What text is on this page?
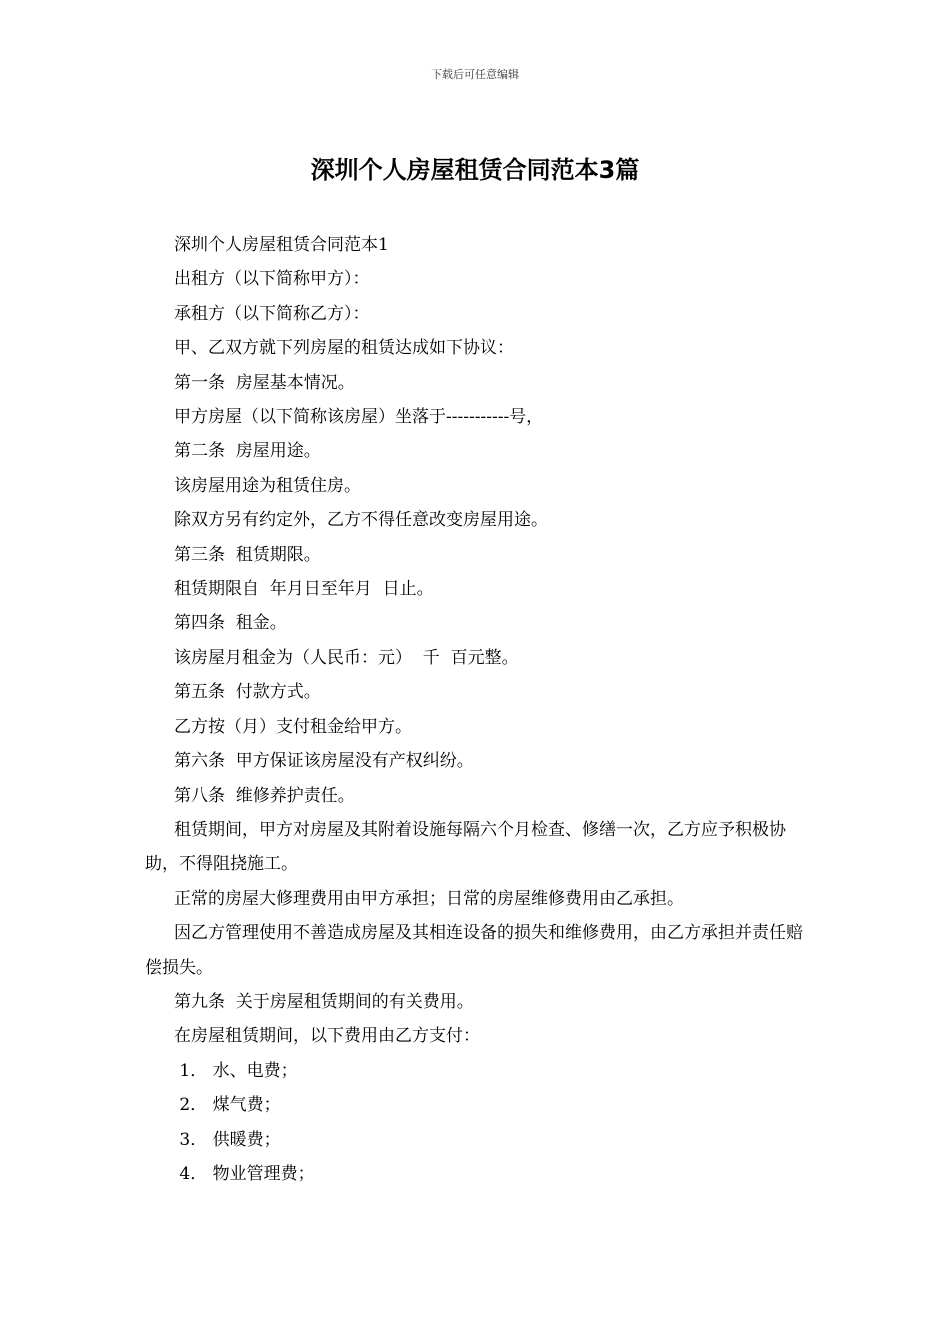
下载后可任意编辑
深圳个人房屋租赁合同范本3篇

深圳个人房屋租赁合同范本1

出租方（以下简称甲方）：

承租方（以下简称乙方）：

甲、乙双方就下列房屋的租赁达成如下协议：

第一条  房屋基本情况。

甲方房屋（以下简称该房屋）坐落于-----------号，

第二条  房屋用途。

该房屋用途为租赁住房。

除双方另有约定外，乙方不得任意改变房屋用途。

第三条  租赁期限。

租赁期限自  年月日至年月  日止。

第四条  租金。

该房屋月租金为（人民币：元）  千  百元整。

第五条  付款方式。

乙方按（月）支付租金给甲方。

第六条  甲方保证该房屋没有产权纠纷。

第八条  维修养护责任。

租赁期间，甲方对房屋及其附着设施每隔六个月检查、修缮一次，乙方应予积极协助，不得阻挠施工。

正常的房屋大修理费用由甲方承担；日常的房屋维修费用由乙承担。

因乙方管理使用不善造成房屋及其相连设备的损失和维修费用，由乙方承担并责任赔偿损失。

第九条  关于房屋租赁期间的有关费用。

在房屋租赁期间，以下费用由乙方支付：

1． 水、电费；

2． 煤气费；

3． 供暖费；

4． 物业管理费；
